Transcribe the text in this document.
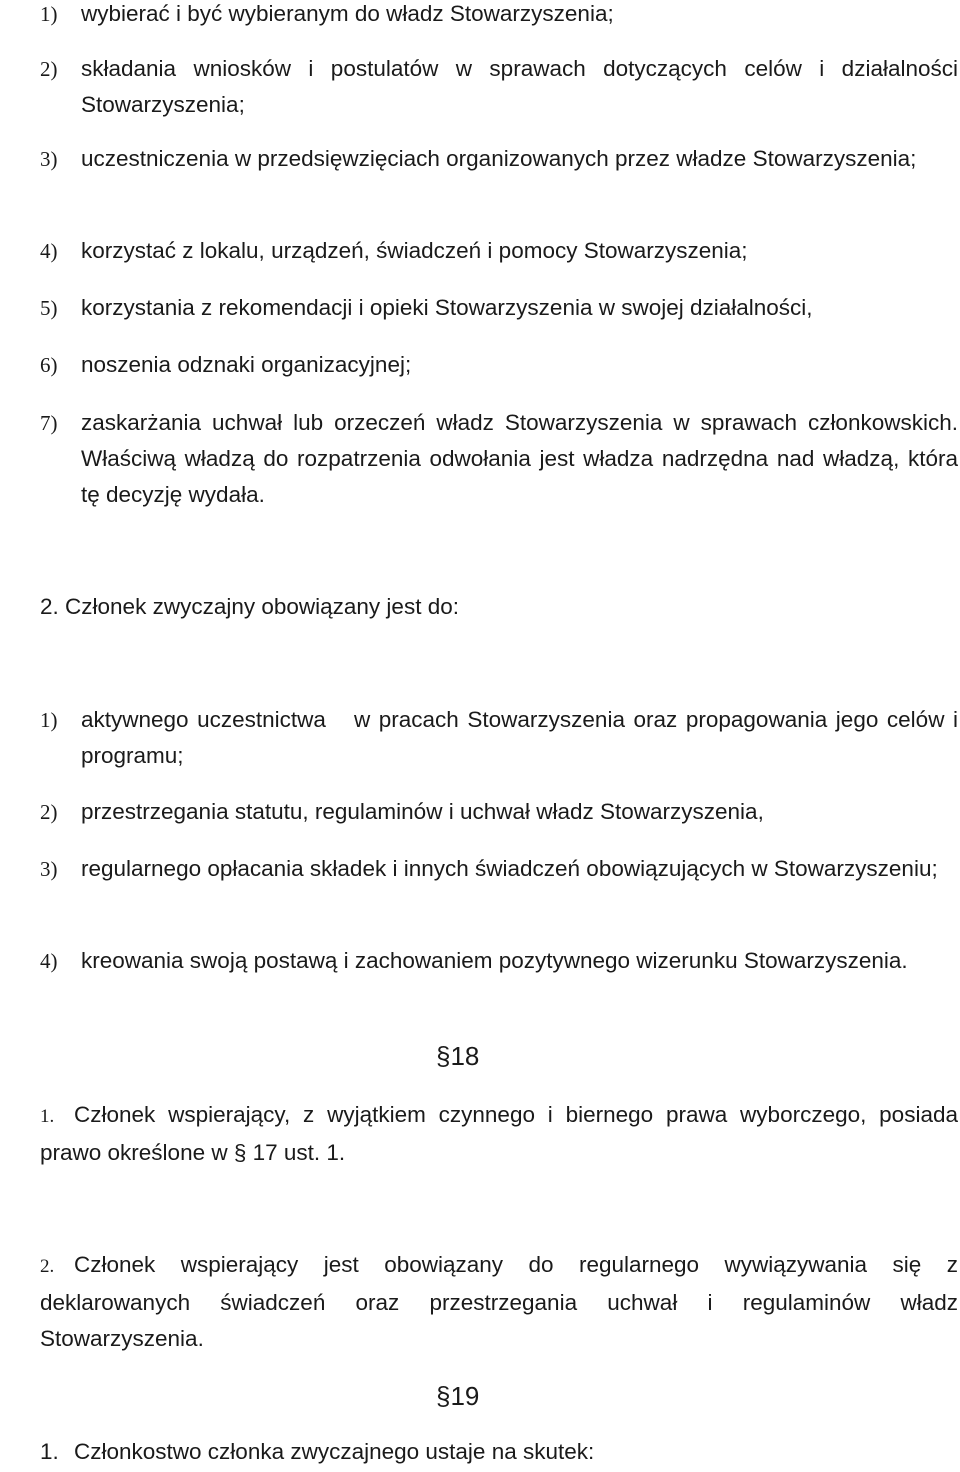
1) wybierać i być wybieranym do władz Stowarzyszenia;
2) składania wniosków i postulatów w sprawach dotyczących celów i działalności Stowarzyszenia;
3) uczestniczenia w przedsięwzięciach organizowanych przez władze Stowarzyszenia;
4) korzystać z lokalu, urządzeń, świadczeń i pomocy Stowarzyszenia;
5) korzystania z rekomendacji i opieki Stowarzyszenia w swojej działalności,
6) noszenia odznaki organizacyjnej;
7) zaskarżania uchwał lub orzeczeń władz Stowarzyszenia w sprawach członkowskich. Właściwą władzą do rozpatrzenia odwołania jest władza nadrzędna nad władzą, która tę decyzję wydała.
2. Członek zwyczajny obowiązany jest do:
1) aktywnego uczestnictwa w pracach Stowarzyszenia oraz propagowania jego celów i programu;
2) przestrzegania statutu, regulaminów i uchwał władz Stowarzyszenia,
3) regularnego opłacania składek i innych świadczeń obowiązujących w Stowarzyszeniu;
4) kreowania swoją postawą i zachowaniem pozytywnego wizerunku Stowarzyszenia.
§18
1. Członek wspierający, z wyjątkiem czynnego i biernego prawa wyborczego, posiada prawo określone w § 17 ust. 1.
2. Członek wspierający jest obowiązany do regularnego wywiązywania się z deklarowanych świadczeń oraz przestrzegania uchwał i regulaminów władz Stowarzyszenia.
§19
1. Członkostwo członka zwyczajnego ustaje na skutek:
